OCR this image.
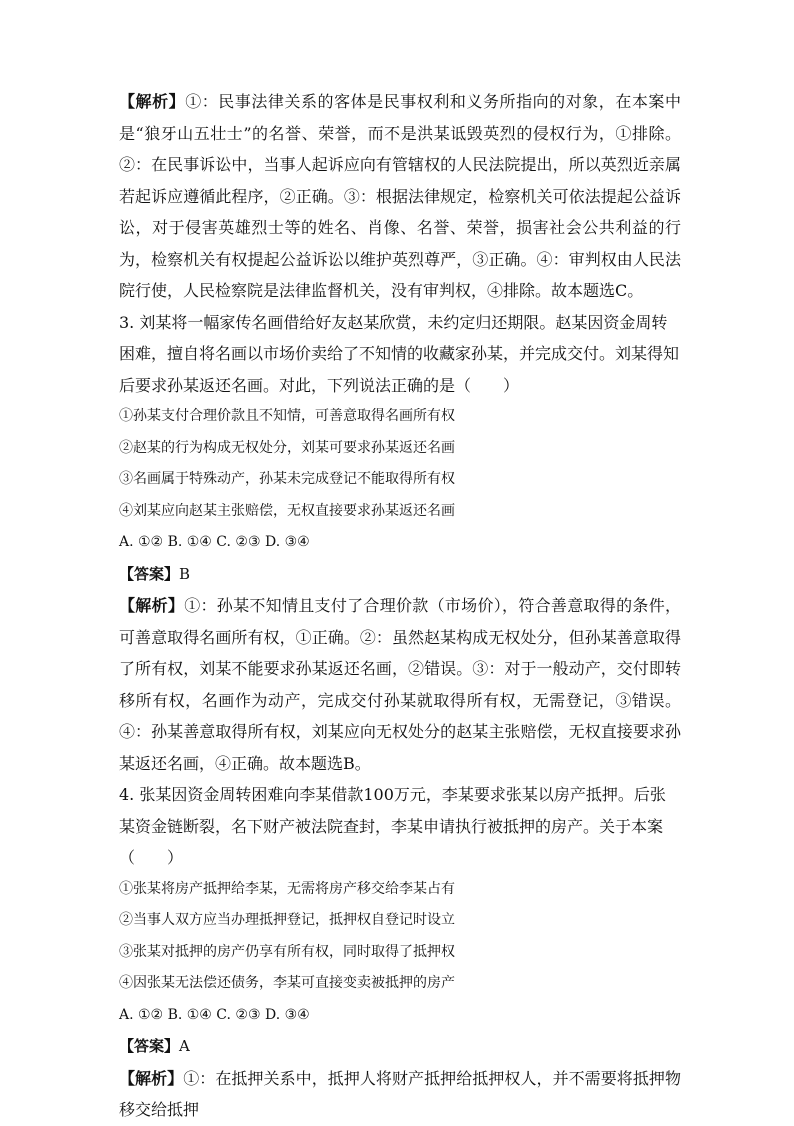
【解析】①：民事法律关系的客体是民事权利和义务所指向的对象，在本案中是“狼牙山五壮士”的名誉、荣誉，而不是洪某诋毁英烈的侵权行为，①排除。②：在民事诉讼中，当事人起诉应向有管辖权的人民法院提出，所以英烈近亲属若起诉应遵循此程序，②正确。③：根据法律规定，检察机关可依法提起公益诉讼，对于侵害英雄烈士等的姓名、肖像、名誉、荣誉，损害社会公共利益的行为，检察机关有权提起公益诉讼以维护英烈尊严，③正确。④：审判权由人民法院行使，人民检察院是法律监督机关，没有审判权，④排除。故本题选C。

3. 刘某将一幅家传名画借给好友赵某欣赏，未约定归还期限。赵某因资金周转困难，擅自将名画以市场价卖给了不知情的收藏家孙某，并完成交付。刘某得知后要求孙某返还名画。对此，下列说法正确的是（　　）

①孙某支付合理价款且不知情，可善意取得名画所有权

②赵某的行为构成无权处分，刘某可要求孙某返还名画

③名画属于特殊动产，孙某未完成登记不能取得所有权

④刘某应向赵某主张赔偿，无权直接要求孙某返还名画

A. ①② B. ①④ C. ②③ D. ③④

【答案】B

【解析】①：孙某不知情且支付了合理价款（市场价），符合善意取得的条件，可善意取得名画所有权，①正确。②：虽然赵某构成无权处分，但孙某善意取得了所有权，刘某不能要求孙某返还名画，②错误。③：对于一般动产，交付即转移所有权，名画作为动产，完成交付孙某就取得所有权，无需登记，③错误。④：孙某善意取得所有权，刘某应向无权处分的赵某主张赔偿，无权直接要求孙某返还名画，④正确。故本题选B。

4. 张某因资金周转困难向李某借款100万元，李某要求张某以房产抵押。后张某资金链断裂，名下财产被法院查封，李某申请执行被抵押的房产。关于本案（　　）

①张某将房产抵押给李某，无需将房产移交给李某占有

②当事人双方应当办理抵押登记，抵押权自登记时设立

③张某对抵押的房产仍享有所有权，同时取得了抵押权

④因张某无法偿还债务，李某可直接变卖被抵押的房产

A. ①② B. ①④ C. ②③ D. ③④

【答案】A

【解析】①：在抵押关系中，抵押人将财产抵押给抵押权人，并不需要将抵押物移交给抵押
